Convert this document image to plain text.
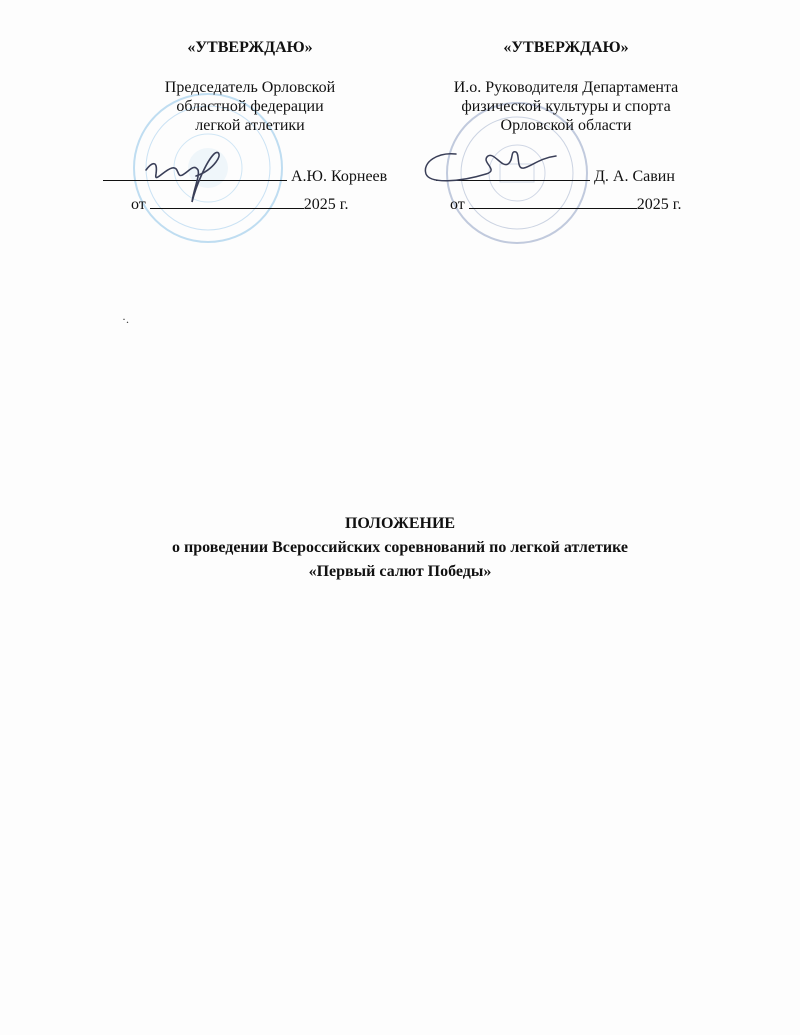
«УТВЕРЖДАЮ»
Председатель Орловской
областной федерации
легкой атлетики
А.Ю. Корнеев
от	2025 г.
«УТВЕРЖДАЮ»
И.о. Руководителя Департамента
физической культуры и спорта
Орловской области
Д. А. Савин
от	2025 г.
·.
ПОЛОЖЕНИЕ
о проведении Всероссийских соревнований по легкой атлетике
«Первый салют Победы»
